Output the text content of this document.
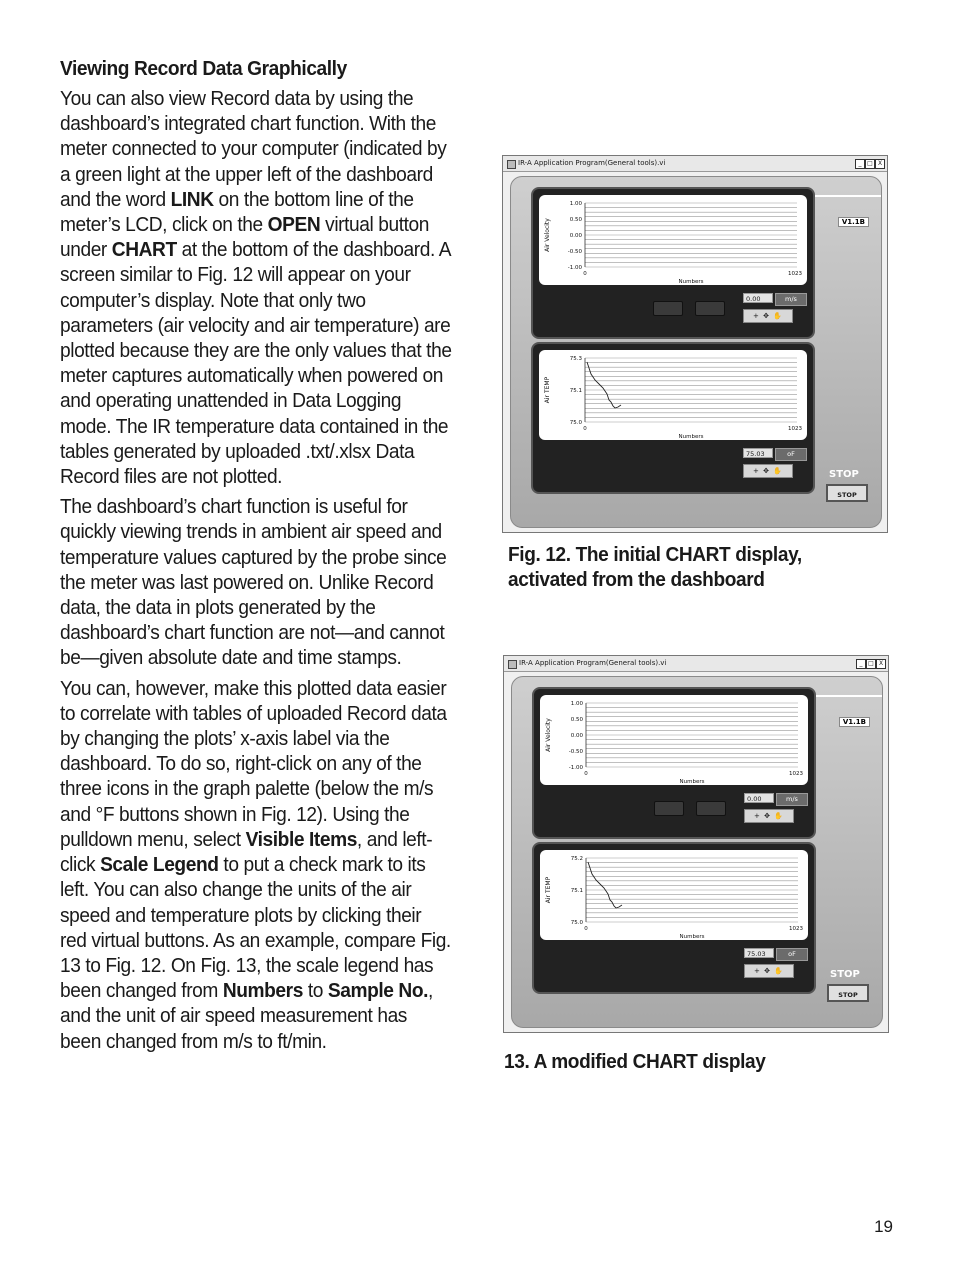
Viewing Record Data Graphically

You can also view Record data by using the dashboard’s integrated chart function. With the meter connected to your computer (indicated by a green light at the upper left of the dashboard and the word LINK on the bottom line of the meter’s LCD, click on the OPEN virtual button under CHART at the bottom of the dashboard. A screen similar to Fig. 12 will appear on your computer’s display. Note that only two parameters (air velocity and air temperature) are plotted because they are the only values that the meter captures automatically when powered on and operating unattended in Data Logging mode. The IR temperature data contained in the tables generated by uploaded .txt/.xlsx Data Record files are not plotted.

The dashboard’s chart function is useful for quickly viewing trends in ambient air speed and temperature values captured by the probe since the meter was last powered on. Unlike Record data, the data in plots generated by the dashboard’s chart function are not—and cannot be—given absolute date and time stamps.

You can, however, make this plotted data easier to correlate with tables of uploaded Record data by changing the plots’ x-axis label via the dashboard. To do so, right-click on any of the three icons in the graph palette (below the m/s and °F buttons shown in Fig. 12). Using the pulldown menu, select Visible Items, and left-click Scale Legend to put a check mark to its left. You can also change the units of the air speed and temperature plots by clicking their red virtual buttons. As an example, compare Fig. 13 to Fig. 12. On Fig. 13, the scale legend has been changed from Numbers to Sample No., and the unit of air speed measurement has been changed from m/s to ft/min.

IR-A Application Program(General tools).vi	_ □ X
V1.1B
1.00
0.50
0.00
-0.50
-1.00
0	1023
Numbers
Air Velocity
0.00	m/s
+ ✥ ✋
75.3
75.1
75.0
0	1023
Numbers
Air TEMP
75.03	oF
+ ✥ ✋	STOP
STOP
Fig. 12. The initial CHART display, activated from the dashboard
IR-A Application Program(General tools).vi	_ □ X
V1.1B
1.00
0.50
0.00
-0.50
-1.00
0	1023
Numbers
Air Velocity
0.00	m/s
+ ✥ ✋
75.2
75.1
75.0
0	1023
Numbers
Air TEMP
75.03	oF
+ ✥ ✋	STOP
STOP
13. A modified CHART display
19
